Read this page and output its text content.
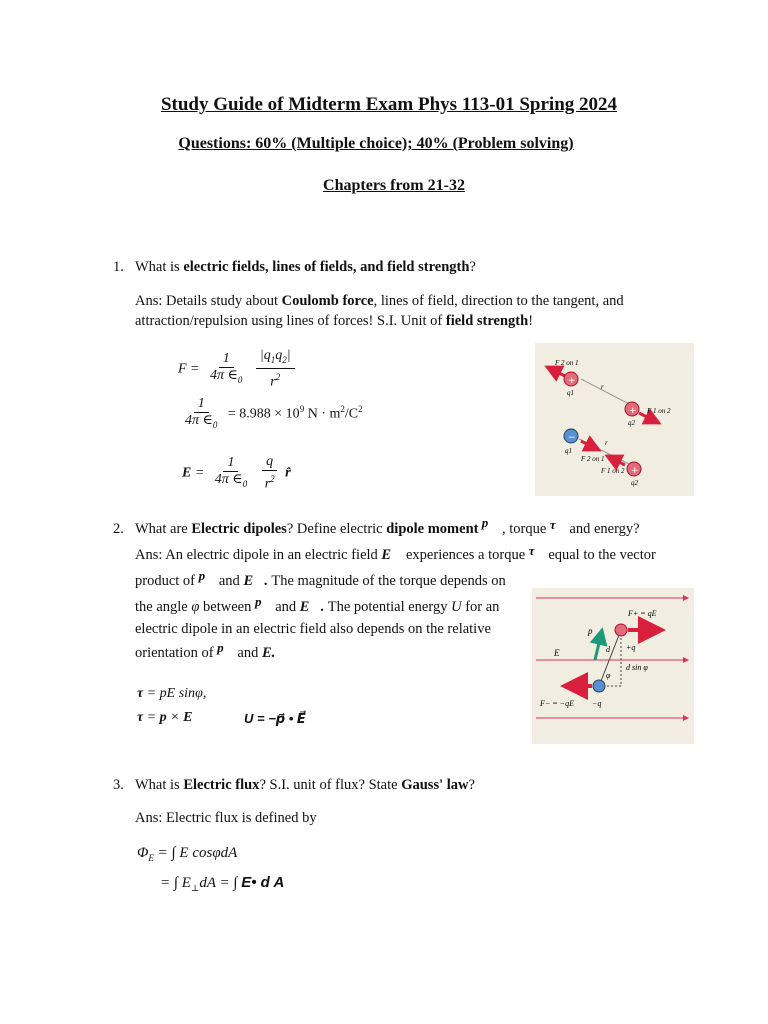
Study Guide of Midterm Exam Phys 113-01 Spring 2024
Questions: 60% (Multiple choice); 40% (Problem solving)
Chapters from 21-32
1. What is electric fields, lines of fields, and field strength?
Ans: Details study about Coulomb force, lines of field, direction to the tangent, and
attraction/repulsion using lines of forces! S.I. Unit of field strength!
$F = \frac{1}{4\pi \in_0}$
$\frac{|q_1q_2|}{r^2}$
$\frac{1}{4\pi \in_0} = 8.988 \times 10^9$ $N \cdot m^2/C^2$
$E = \frac{1}{4\pi \in_0}$
$\frac{q}{r^2}$ r̂
+
+
F 2 on 1
q1
q2
F 1 on 2
r
−
+
q1
F 2 on 1
F 1 on 2
q2
r
2. What are Electric dipoles? Define electric dipole moment p⃗ , torque τ⃗ and energy?
Ans: An electric dipole in an electric field E⃗ experiences a torque τ⃗ equal to the vector
product of p⃗ and E⃗. The magnitude of the torque depends on
the angle φ between p⃗ and E⃗. The potential energy U for an
electric dipole in an electric field also depends on the relative
orientation of p⃗ and E.
τ = pE sinφ,
τ = p × E⃗	U = −p⃗ • E⃗
F+ = qE
F− = −qE
E
p
d
d sin φ
+q
−q
φ
3. What is Electric flux? S.I. unit of flux? State Gauss' law?
Ans: Electric flux is defined by
$\Phi_E$ = ∫ E cosφdA
= ∫ $E_\perp dA$ = ∫ E• d A
